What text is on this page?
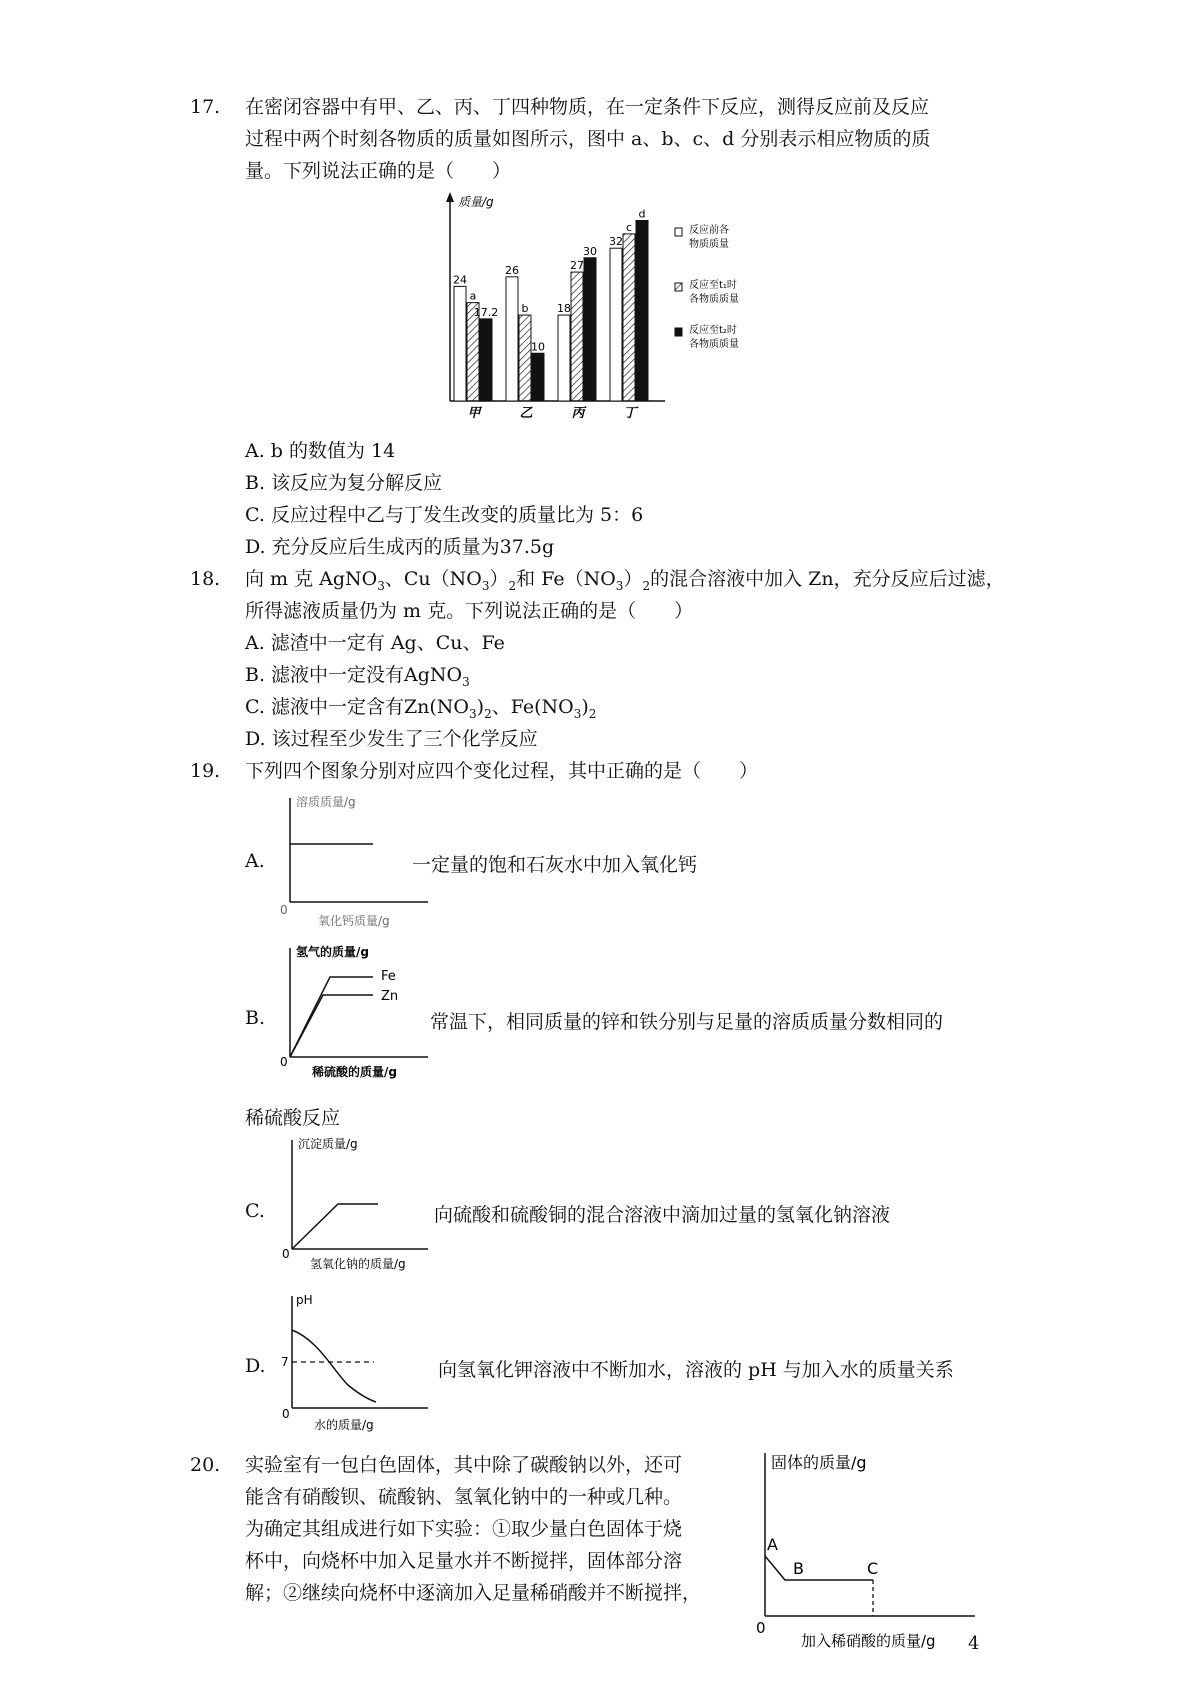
17. 在密闭容器中有甲、乙、丙、丁四种物质，在一定条件下反应，测得反应前及反应
过程中两个时刻各物质的质量如图所示，图中 a、b、c、d 分别表示相应物质的质
量。下列说法正确的是（　　）
质量/g
24
a
17.2
26
b
10
18
27
30
32
c
d
甲	乙	丙	丁
反应前各
物质质量
反应至t₁时
各物质质量
反应至t₂时
各物质质量
A. b 的数值为 14
B. 该反应为复分解反应
C. 反应过程中乙与丁发生改变的质量比为 5：6
D. 充分反应后生成丙的质量为37.5g
18. 向 m 克 AgNO$_3$、$Cu(NO_3)_2$和 $Fe(NO_3)_2$的混合溶液中加入 Zn，充分反应后过滤，
所得滤液质量仍为 m 克。下列说法正确的是（　　）
A. 滤渣中一定有 Ag、Cu、Fe
B. 滤液中一定没有AgNO$_3$
C. 滤液中一定含有$Zn(NO_3)_2$、$Fe(NO_3)_2$
D. 该过程至少发生了三个化学反应
19. 下列四个图象分别对应四个变化过程，其中正确的是（　　）
A.
溶质质量/g
0
氧化钙质量/g
一定量的饱和石灰水中加入氧化钙
B.
氢气的质量/g
Fe
Zn
0
稀硫酸的质量/g
常温下，相同质量的锌和铁分别与足量的溶质质量分数相同的
稀硫酸反应
C.
沉淀质量/g
0
氢氧化钠的质量/g
向硫酸和硫酸铜的混合溶液中滴加过量的氢氧化钠溶液
D.
pH
7
0
水的质量/g
向氢氧化钾溶液中不断加水，溶液的 pH 与加入水的质量关系
20. 实验室有一包白色固体，其中除了碳酸钠以外，还可
能含有硝酸钡、硫酸钠、氢氧化钠中的一种或几种。
为确定其组成进行如下实验：①取少量白色固体于烧
杯中，向烧杯中加入足量水并不断搅拌，固体部分溶
解；②继续向烧杯中逐滴加入足量稀硝酸并不断搅拌，
固体的质量/g
A
B	C
0
加入稀硝酸的质量/g 4
